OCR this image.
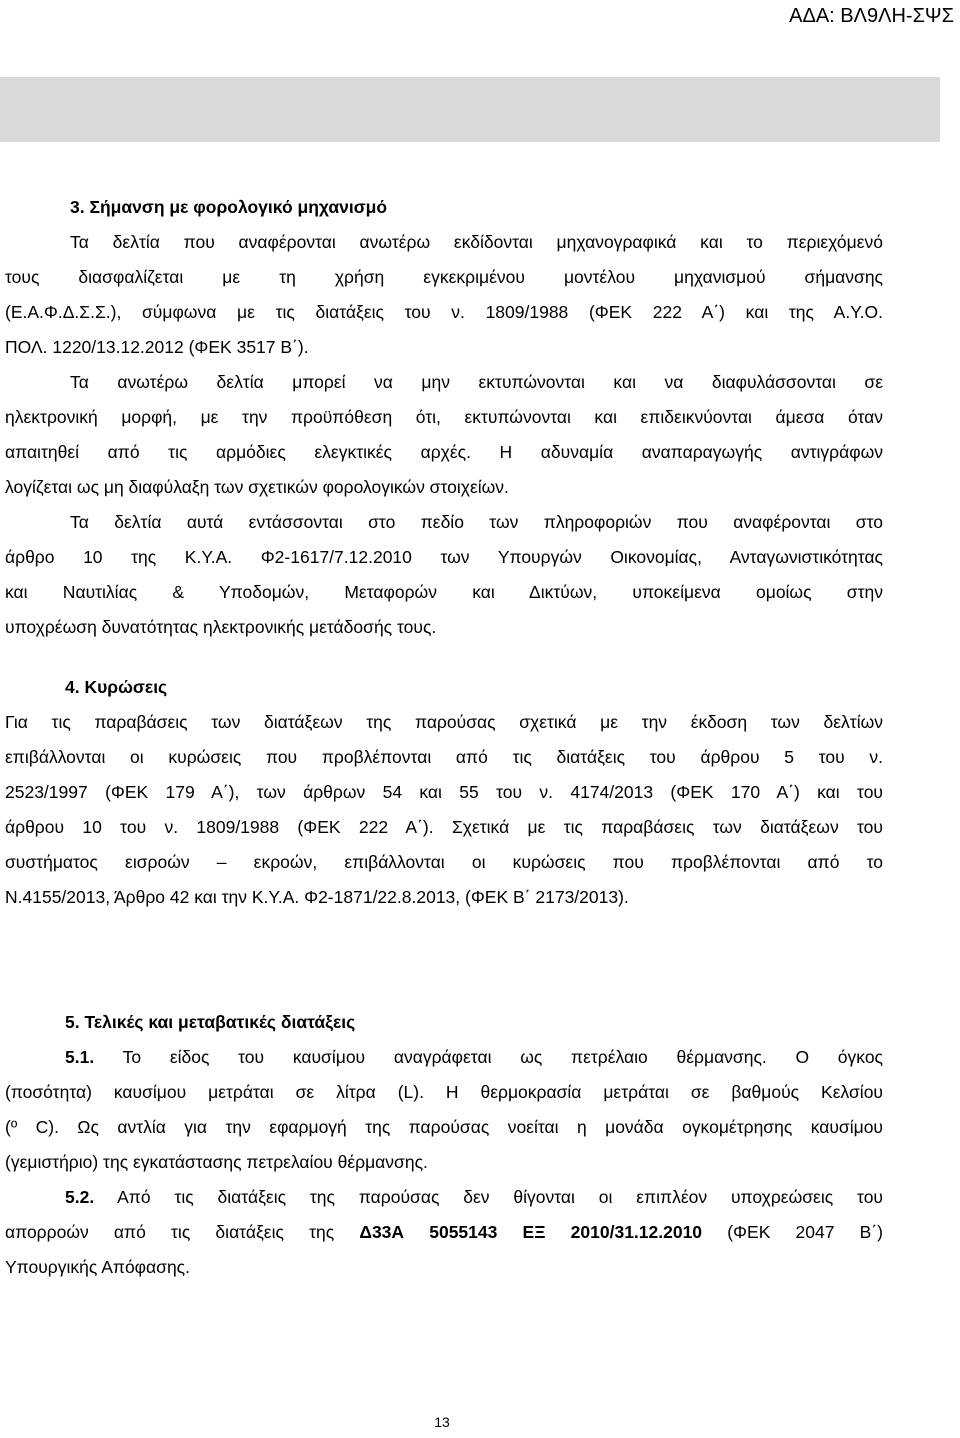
ΑΔΑ: ΒΛ9ΛΗ-ΣΨΣ
3. Σήμανση με φορολογικό μηχανισμό
Τα δελτία που αναφέρονται ανωτέρω εκδίδονται μηχανογραφικά και το περιεχόμενό
τους διασφαλίζεται με τη χρήση εγκεκριμένου μοντέλου μηχανισμού σήμανσης
(Ε.Α.Φ.Δ.Σ.Σ.), σύμφωνα με τις διατάξεις του ν. 1809/1988 (ΦΕΚ 222 Α΄) και της Α.Υ.Ο.
ΠΟΛ. 1220/13.12.2012 (ΦΕΚ 3517 Β΄).
Τα ανωτέρω δελτία μπορεί να μην εκτυπώνονται και να διαφυλάσσονται σε
ηλεκτρονική μορφή, με την προϋπόθεση ότι, εκτυπώνονται και επιδεικνύονται άμεσα όταν
απαιτηθεί από τις αρμόδιες ελεγκτικές αρχές. Η αδυναμία αναπαραγωγής αντιγράφων
λογίζεται ως μη διαφύλαξη των σχετικών φορολογικών στοιχείων.
Τα δελτία αυτά εντάσσονται στο πεδίο των πληροφοριών που αναφέρονται στο
άρθρο 10 της Κ.Υ.Α. Φ2-1617/7.12.2010 των Υπουργών Οικονομίας, Ανταγωνιστικότητας
και Ναυτιλίας & Υποδομών, Μεταφορών και Δικτύων, υποκείμενα ομοίως στην
υποχρέωση δυνατότητας ηλεκτρονικής μετάδοσής τους.
4. Κυρώσεις
Για τις παραβάσεις των διατάξεων της παρούσας σχετικά με την έκδοση των δελτίων
επιβάλλονται οι κυρώσεις που προβλέπονται από τις διατάξεις του άρθρου 5 του ν.
2523/1997 (ΦΕΚ 179 Α΄), των άρθρων 54 και 55 του ν. 4174/2013 (ΦΕΚ 170 Α΄) και του
άρθρου 10 του ν. 1809/1988 (ΦΕΚ 222 Α΄). Σχετικά με τις παραβάσεις των διατάξεων του
συστήματος εισροών – εκροών, επιβάλλονται οι κυρώσεις που προβλέπονται από το
Ν.4155/2013, Άρθρο 42 και την Κ.Υ.Α. Φ2-1871/22.8.2013, (ΦΕΚ Β΄ 2173/2013).
5. Τελικές και μεταβατικές διατάξεις
5.1. Το είδος του καυσίμου αναγράφεται ως πετρέλαιο θέρμανσης. Ο όγκος
(ποσότητα) καυσίμου μετράται σε λίτρα (L). Η θερμοκρασία μετράται σε βαθμούς Κελσίου
(º C). Ως αντλία για την εφαρμογή της παρούσας νοείται η μονάδα ογκομέτρησης καυσίμου
(γεμιστήριο) της εγκατάστασης πετρελαίου θέρμανσης.
5.2. Από τις διατάξεις της παρούσας δεν θίγονται οι επιπλέον υποχρεώσεις του
απορροών από τις διατάξεις της Δ33Α 5055143 ΕΞ 2010/31.12.2010 (ΦΕΚ 2047 Β΄)
Υπουργικής Απόφασης.
13
